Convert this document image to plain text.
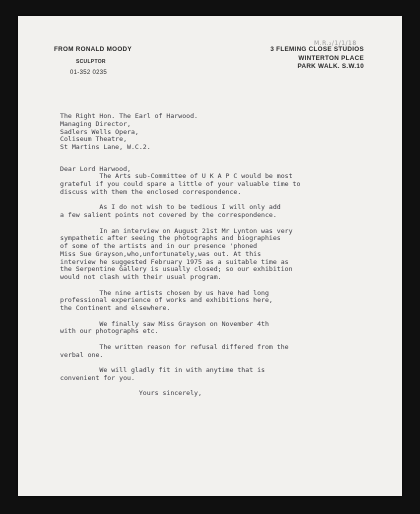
M.R.₂/1/1/18
FROM RONALD MOODY
SCULPTOR
01-352 0235
3 FLEMING CLOSE STUDIOS
WINTERTON PLACE
PARK WALK. S.W.10
The Right Hon. The Earl of Harwood.
Managing Director,
Sadlers Wells Opera,
Coliseum Theatre,
St Martins Lane, W.C.2.
Dear Lord Harwood,
The Arts sub-Committee of U K A P C would be most
grateful if you could spare a little of your valuable time to
discuss with them the enclosed correspondence.
As I do not wish to be tedious I will only add
a few salient points not covered by the correspondence.
In an interview on August 21st Mr Lynton was very
sympathetic after seeing the photographs and biographies
of some of the artists and in our presence 'phoned
Miss Sue Grayson,who,unfortunately,was out. At this
interview he suggested February 1975 as a suitable time as
the Serpentine Gallery is usually closed; so our exhibition
would not clash with their usual program.
The nine artists chosen by us have had long
professional experience of works and exhibitions here,
the Continent and elsewhere.
We finally saw Miss Grayson on November 4th
with our photographs etc.
The written reason for refusal differed from the
verbal one.
We will gladly fit in with anytime that is
convenient for you.
Yours sincerely,
